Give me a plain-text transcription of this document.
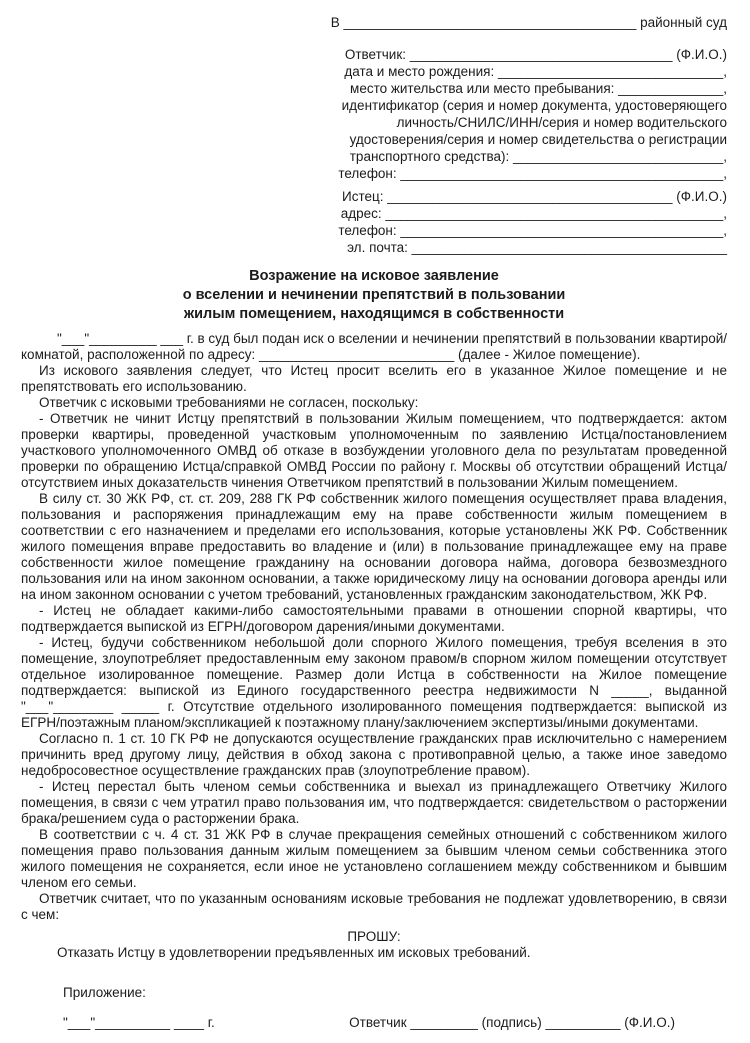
В _______________________________________ районный суд
Ответчик: ___________________________________ (Ф.И.О.)
дата и место рождения: ______________________________,
место жительства или место пребывания: ______________,
идентификатор (серия и номер документа, удостоверяющего
личность/СНИЛС/ИНН/серия и номер водительского
удостоверения/серия и номер свидетельства о регистрации
транспортного средства): ____________________________,
телефон: ___________________________________________,
Истец: ______________________________________ (Ф.И.О.)
адрес: _____________________________________________,
телефон: ___________________________________________,
эл. почта: __________________________________________
Возражение на исковое заявление
о вселении и нечинении препятствий в пользовании
жилым помещением, находящимся в собственности

"___"_________ ___ г. в суд был подан иск о вселении и нечинении препятствий в пользовании квартирой/комнатой, расположенной по адресу: __________________________ (далее - Жилое помещение).

Из искового заявления следует, что Истец просит вселить его в указанное Жилое помещение и не препятствовать его использованию.

Ответчик с исковыми требованиями не согласен, поскольку:

- Ответчик не чинит Истцу препятствий в пользовании Жилым помещением, что подтверждается: актом проверки квартиры, проведенной участковым уполномоченным по заявлению Истца/постановлением участкового уполномоченного ОМВД об отказе в возбуждении уголовного дела по результатам проведенной проверки по обращению Истца/справкой ОМВД России по району г. Москвы об отсутствии обращений Истца/отсутствием иных доказательств чинения Ответчиком препятствий в пользовании Жилым помещением.

В силу ст. 30 ЖК РФ, ст. ст. 209, 288 ГК РФ собственник жилого помещения осуществляет права владения, пользования и распоряжения принадлежащим ему на праве собственности жилым помещением в соответствии с его назначением и пределами его использования, которые установлены ЖК РФ. Собственник жилого помещения вправе предоставить во владение и (или) в пользование принадлежащее ему на праве собственности жилое помещение гражданину на основании договора найма, договора безвозмездного пользования или на ином законном основании, а также юридическому лицу на основании договора аренды или на ином законном основании с учетом требований, установленных гражданским законодательством, ЖК РФ.

- Истец не обладает какими-либо самостоятельными правами в отношении спорной квартиры, что подтверждается выпиской из ЕГРН/договором дарения/иными документами.

- Истец, будучи собственником небольшой доли спорного Жилого помещения, требуя вселения в это помещение, злоупотребляет предоставленным ему законом правом/в спорном жилом помещении отсутствует отдельное изолированное помещение. Размер доли Истца в собственности на Жилое помещение подтверждается: выпиской из Единого государственного реестра недвижимости N _____, выданной "___"________ _____ г. Отсутствие отдельного изолированного помещения подтверждается: выпиской из ЕГРН/поэтажным планом/экспликацией к поэтажному плану/заключением экспертизы/иными документами.

Согласно п. 1 ст. 10 ГК РФ не допускаются осуществление гражданских прав исключительно с намерением причинить вред другому лицу, действия в обход закона с противоправной целью, а также иное заведомо недобросовестное осуществление гражданских прав (злоупотребление правом).

- Истец перестал быть членом семьи собственника и выехал из принадлежащего Ответчику Жилого помещения, в связи с чем утратил право пользования им, что подтверждается: свидетельством о расторжении брака/решением суда о расторжении брака.

В соответствии с ч. 4 ст. 31 ЖК РФ в случае прекращения семейных отношений с собственником жилого помещения право пользования данным жилым помещением за бывшим членом семьи собственника этого жилого помещения не сохраняется, если иное не установлено соглашением между собственником и бывшим членом его семьи.

Ответчик считает, что по указанным основаниям исковые требования не подлежат удовлетворению, в связи с чем:

ПРОШУ:

Отказать Истцу в удовлетворении предъявленных им исковых требований.

Приложение:

"___"__________ ____ г.	Ответчик _________ (подпись) __________ (Ф.И.О.)
